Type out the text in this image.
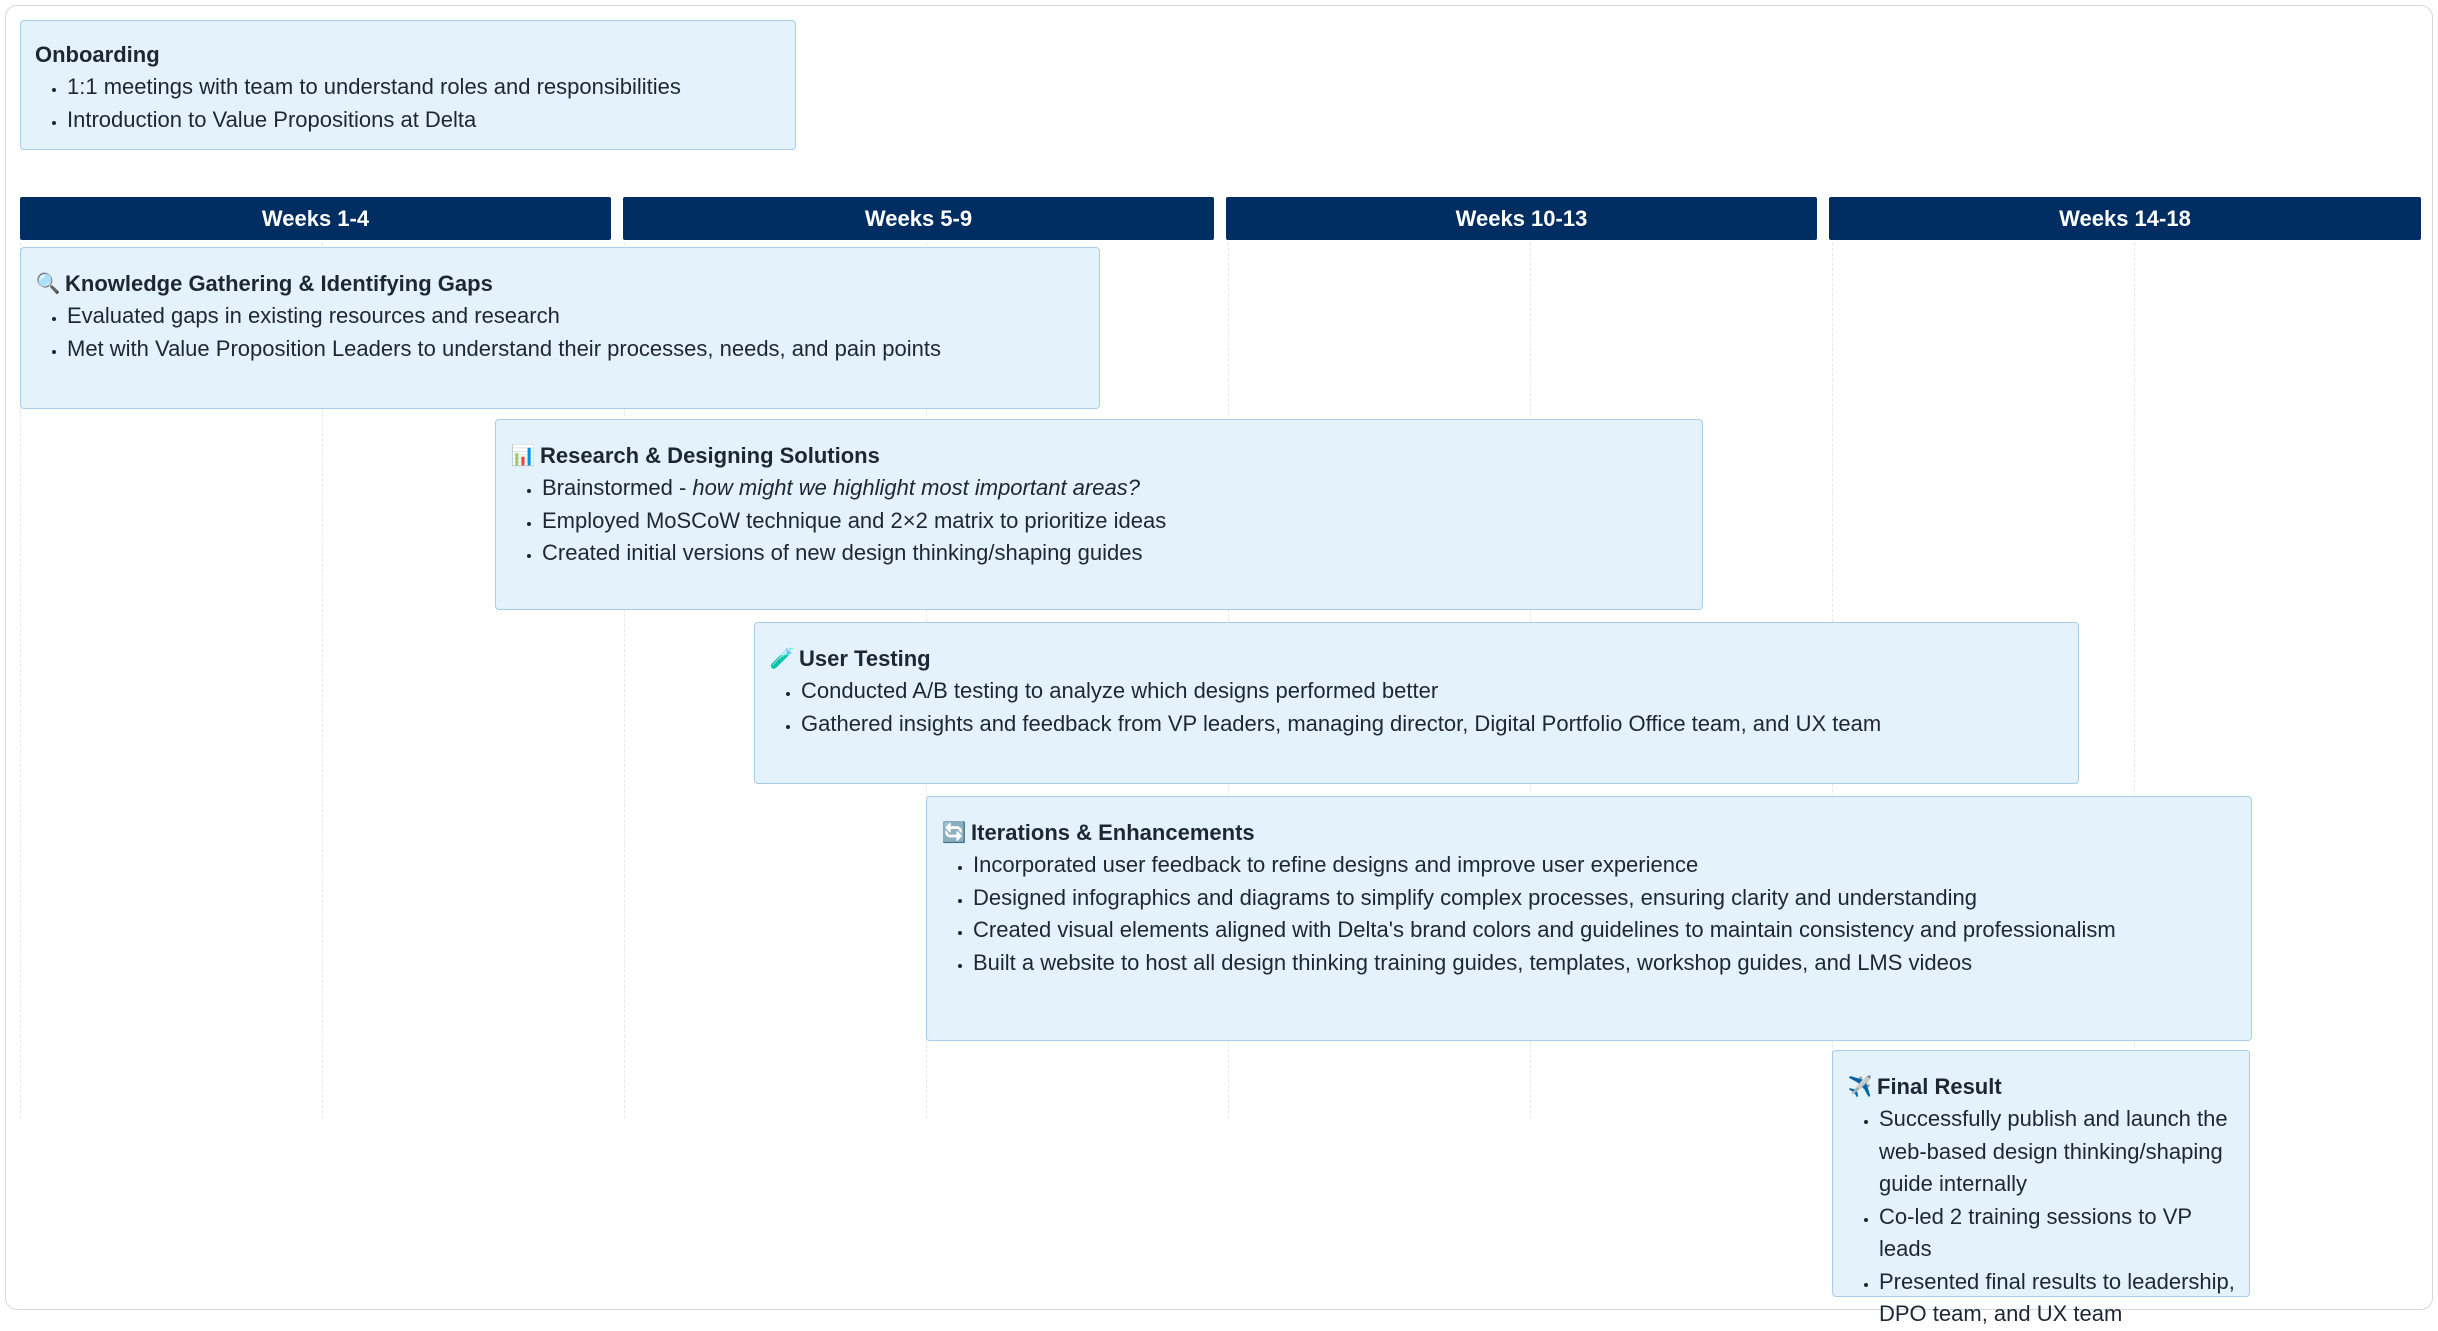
Onboarding
• 1:1 meetings with team to understand roles and responsibilities
• Introduction to Value Propositions at Delta
Weeks 1-4	Weeks 5-9	Weeks 10-13	Weeks 14-18
🔍 Knowledge Gathering & Identifying Gaps
• Evaluated gaps in existing resources and research
• Met with Value Proposition Leaders to understand their processes, needs, and pain points
📊 Research & Designing Solutions
• Brainstormed - how might we highlight most important areas?
• Employed MoSCoW technique and 2×2 matrix to prioritize ideas
• Created initial versions of new design thinking/shaping guides
🧪 User Testing
• Conducted A/B testing to analyze which designs performed better
• Gathered insights and feedback from VP leaders, managing director, Digital Portfolio Office team, and UX team
🔄 Iterations & Enhancements
• Incorporated user feedback to refine designs and improve user experience
• Designed infographics and diagrams to simplify complex processes, ensuring clarity and understanding
• Created visual elements aligned with Delta's brand colors and guidelines to maintain consistency and professionalism
• Built a website to host all design thinking training guides, templates, workshop guides, and LMS videos
✈️ Final Result
• Successfully publish and launch the web-based design thinking/shaping guide internally
• Co-led 2 training sessions to VP leads
• Presented final results to leadership, DPO team, and UX team
